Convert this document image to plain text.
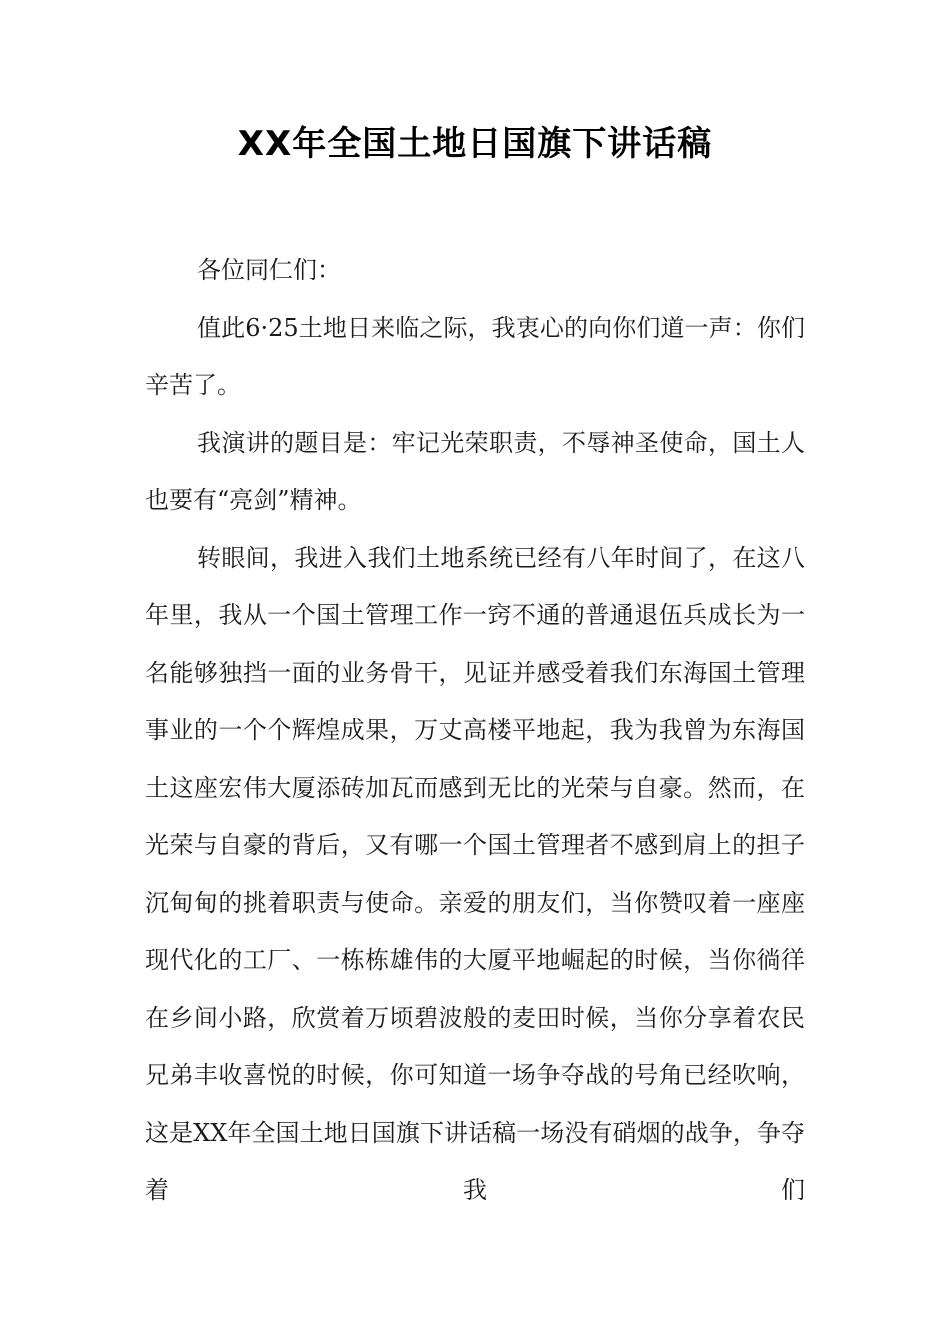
XX年全国土地日国旗下讲话稿

各位同仁们：

值此6·25土地日来临之际，我衷心的向你们道一声：你们辛苦了。

我演讲的题目是：牢记光荣职责，不辱神圣使命，国土人也要有“亮剑”精神。

转眼间，我进入我们土地系统已经有八年时间了，在这八年里，我从一个国土管理工作一窍不通的普通退伍兵成长为一名能够独挡一面的业务骨干，见证并感受着我们东海国土管理事业的一个个辉煌成果，万丈高楼平地起，我为我曾为东海国土这座宏伟大厦添砖加瓦而感到无比的光荣与自豪。然而，在光荣与自豪的背后，又有哪一个国土管理者不感到肩上的担子沉甸甸的挑着职责与使命。亲爱的朋友们，当你赞叹着一座座现代化的工厂、一栋栋雄伟的大厦平地崛起的时候，当你徜徉在乡间小路，欣赏着万顷碧波般的麦田时候，当你分享着农民兄弟丰收喜悦的时候，你可知道一场争夺战的号角已经吹响，这是XX年全国土地日国旗下讲话稿一场没有硝烟的战争，争夺着我们
